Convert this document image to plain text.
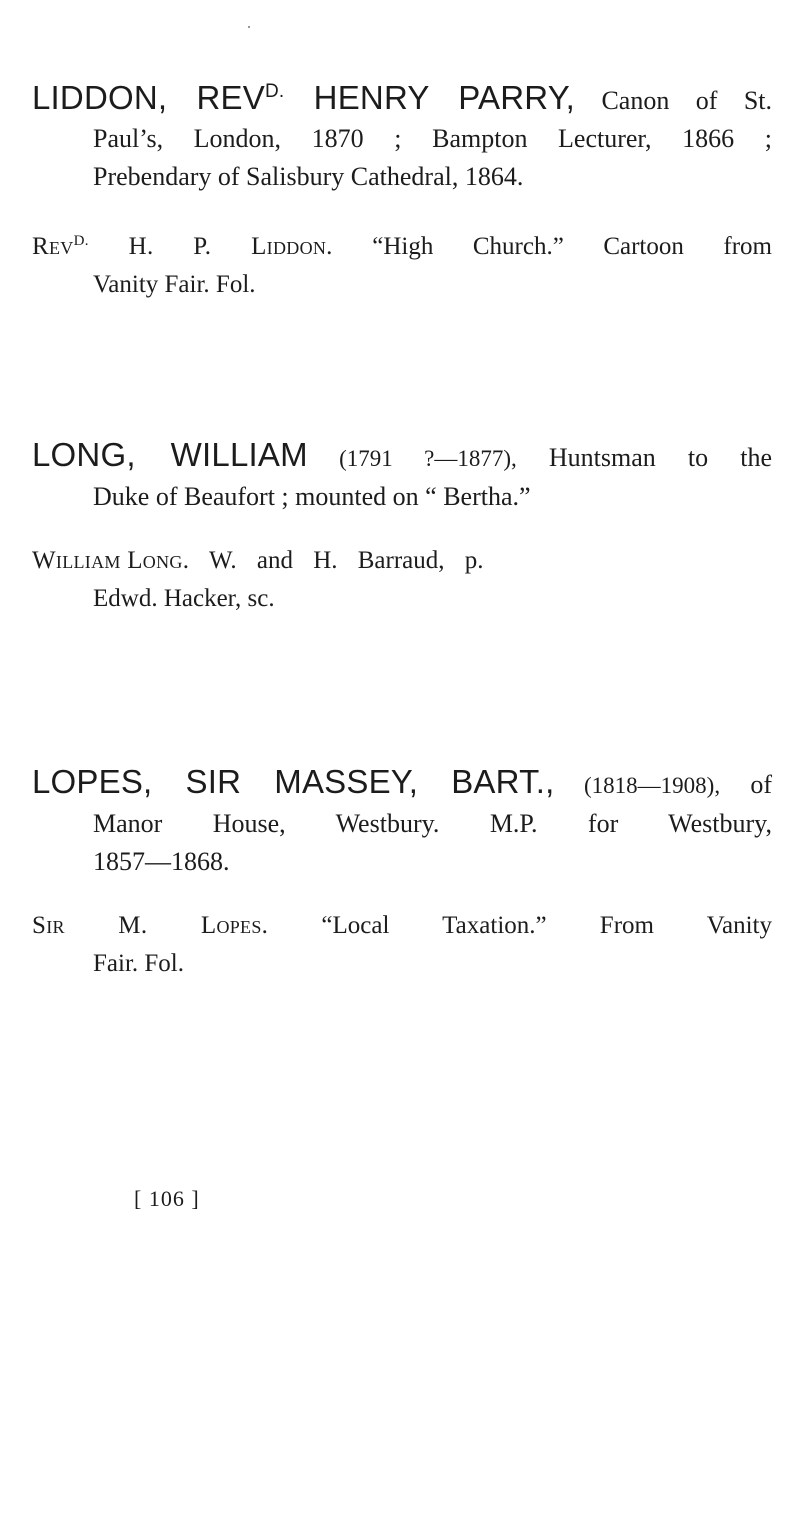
LIDDON, $REV^{D.}$ HENRY PARRY, Canon of St.
Paul’s, London, 1870 ; Bampton Lecturer, 1866 ;
Prebendary of Salisbury Cathedral, 1864.

Rev$^{D.}$ H. P. Liddon. “High Church.” Cartoon from
Vanity Fair. Fol.

LONG, WILLIAM (1791 ?—1877), Huntsman to the
Duke of Beaufort ; mounted on “ Bertha.”

William Long. W. and H. Barraud, p.
Edwd. Hacker, sc.

LOPES, SIR MASSEY, BART., (1818—1908), of
Manor House, Westbury. M.P. for Westbury,
1857—1868.

Sir M. Lopes. “Local Taxation.” From Vanity
Fair. Fol.

[ 106 ]
